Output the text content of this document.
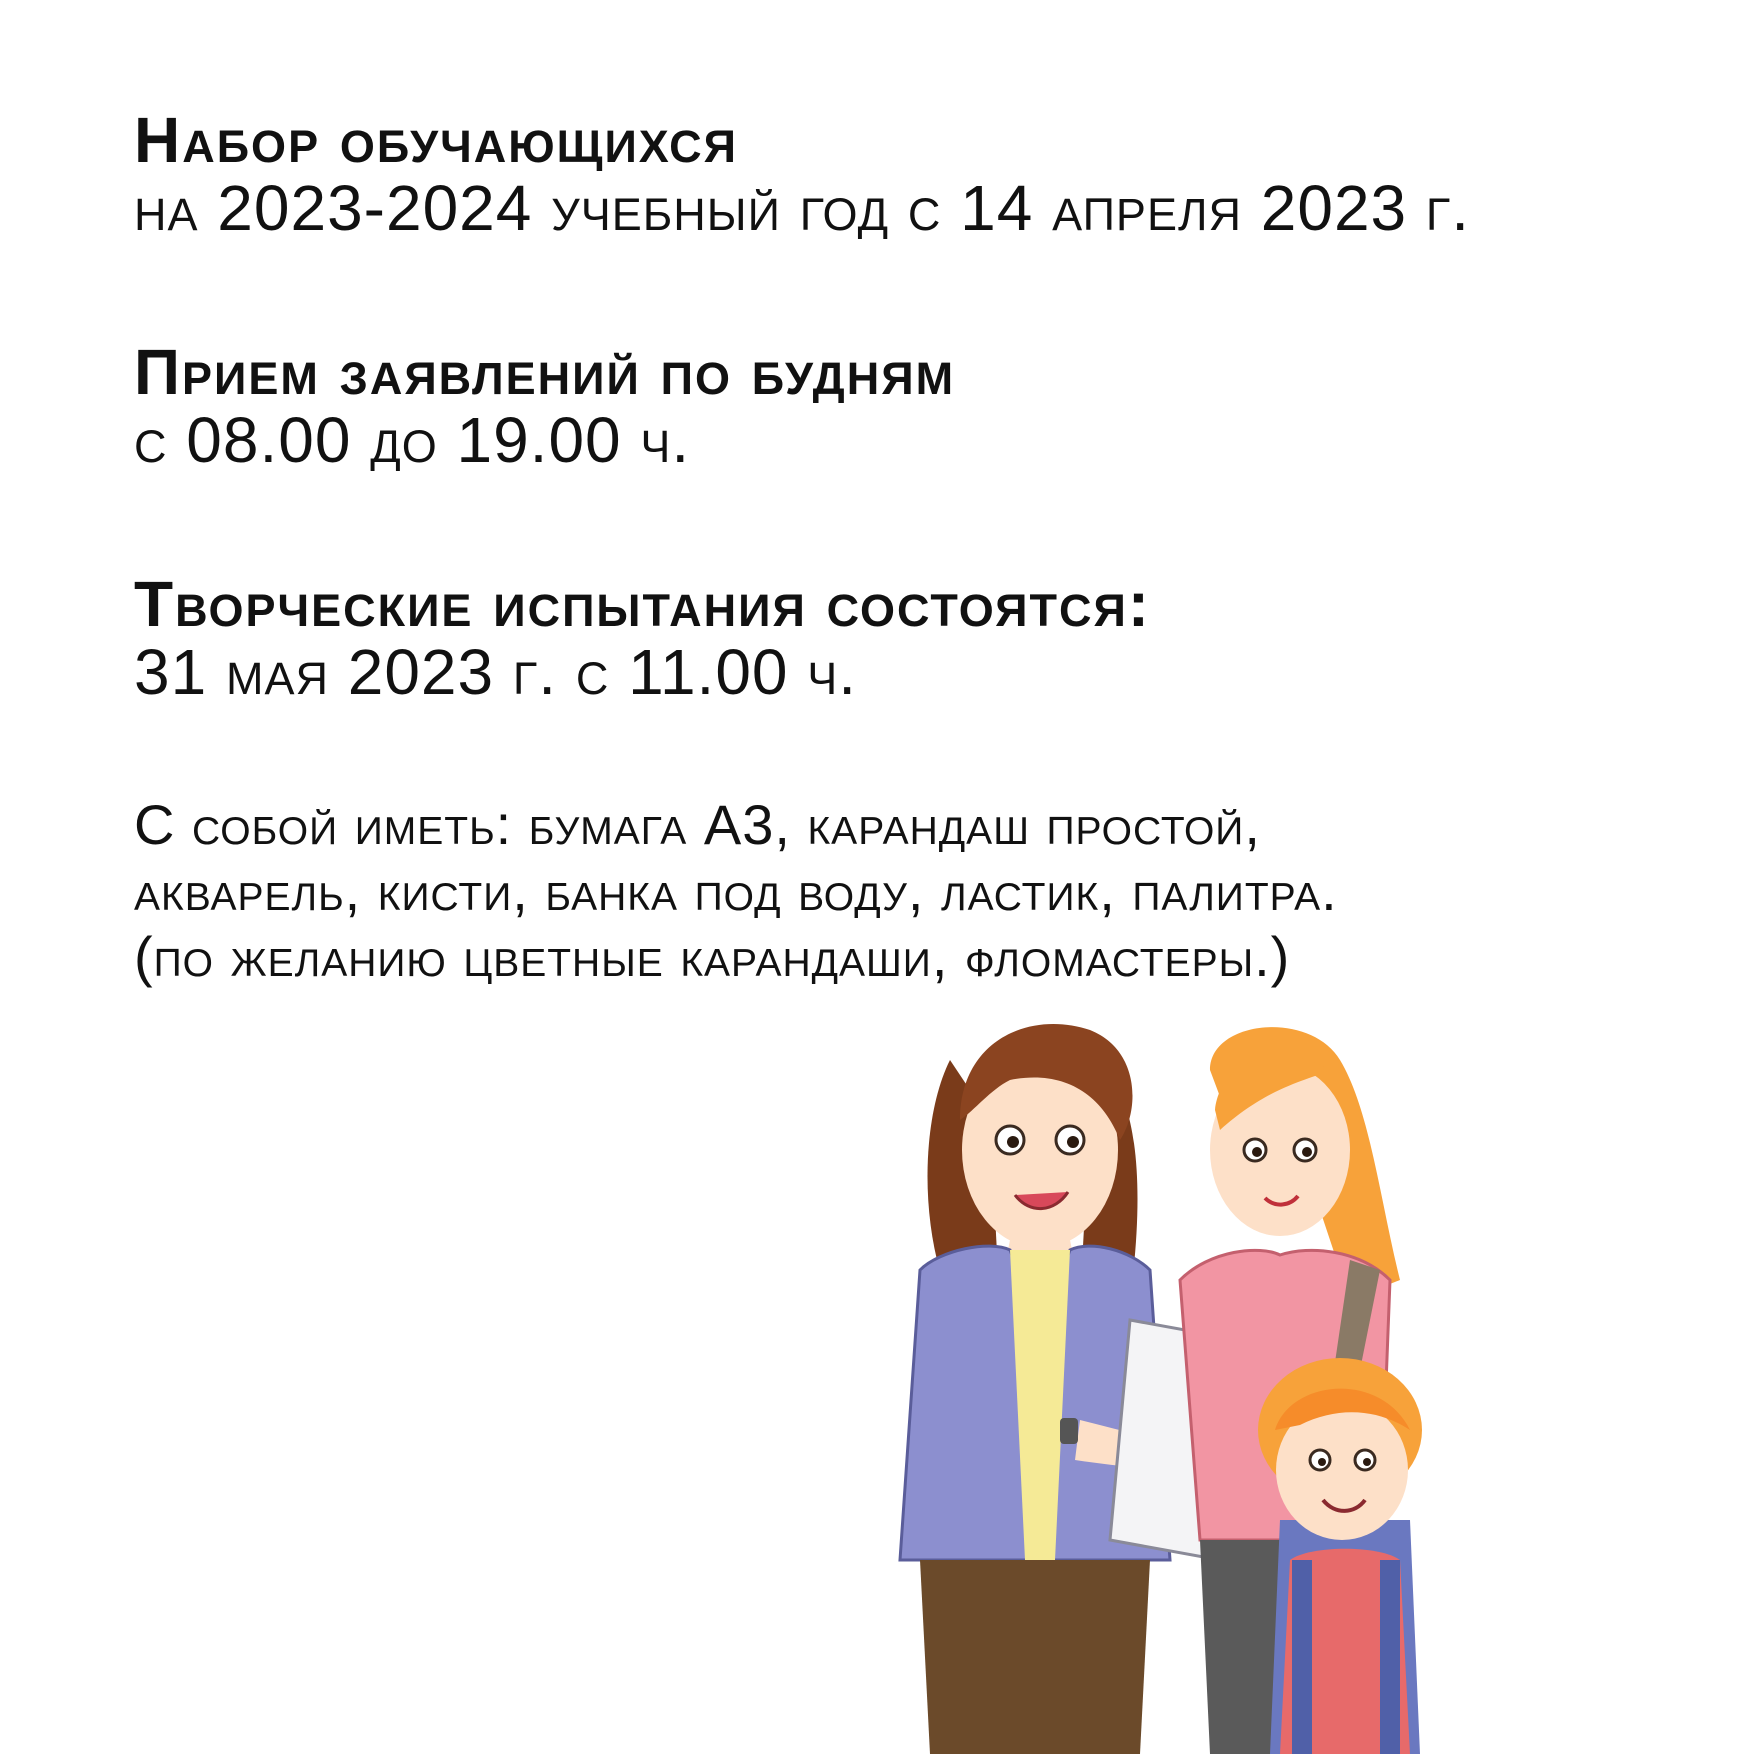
Набор обучающихся
на 2023-2024 учебный год с 14 апреля 2023 г.
Прием заявлений по будням
с 08.00 до 19.00 ч.
Творческие испытания состоятся:
31 мая 2023 г. с 11.00 ч.
С собой иметь: бумага А3, карандаш простой,
акварель, кисти, банка под воду, ластик, палитра.
(по желанию цветные карандаши, фломастеры.)
